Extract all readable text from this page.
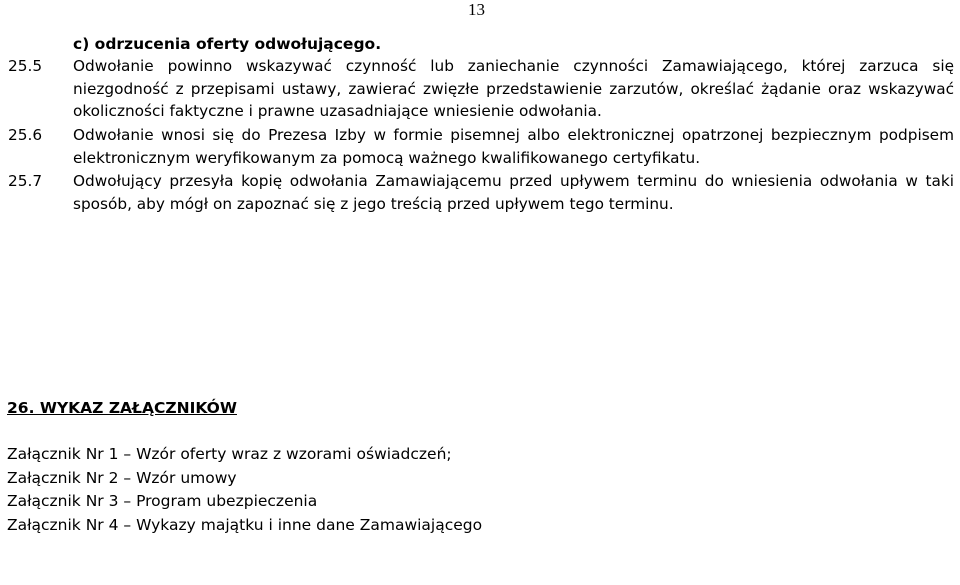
13
c) odrzucenia oferty odwołującego.
25.5 Odwołanie powinno wskazywać czynność lub zaniechanie czynności Zamawiającego, której zarzuca się niezgodność z przepisami ustawy, zawierać zwięzłe przedstawienie zarzutów, określać żądanie oraz wskazywać okoliczności faktyczne i prawne uzasadniające wniesienie odwołania.
25.6 Odwołanie wnosi się do Prezesa Izby w formie pisemnej albo elektronicznej opatrzonej bezpiecznym podpisem elektronicznym weryfikowanym za pomocą ważnego kwalifikowanego certyfikatu.
25.7 Odwołujący przesyła kopię odwołania Zamawiającemu przed upływem terminu do wniesienia odwołania w taki sposób, aby mógł on zapoznać się z jego treścią przed upływem tego terminu.
26. WYKAZ ZAŁĄCZNIKÓW
Załącznik Nr 1 – Wzór oferty wraz z wzorami oświadczeń;
Załącznik Nr 2 – Wzór umowy
Załącznik Nr 3 – Program ubezpieczenia
Załącznik Nr 4 – Wykazy majątku i inne dane Zamawiającego
